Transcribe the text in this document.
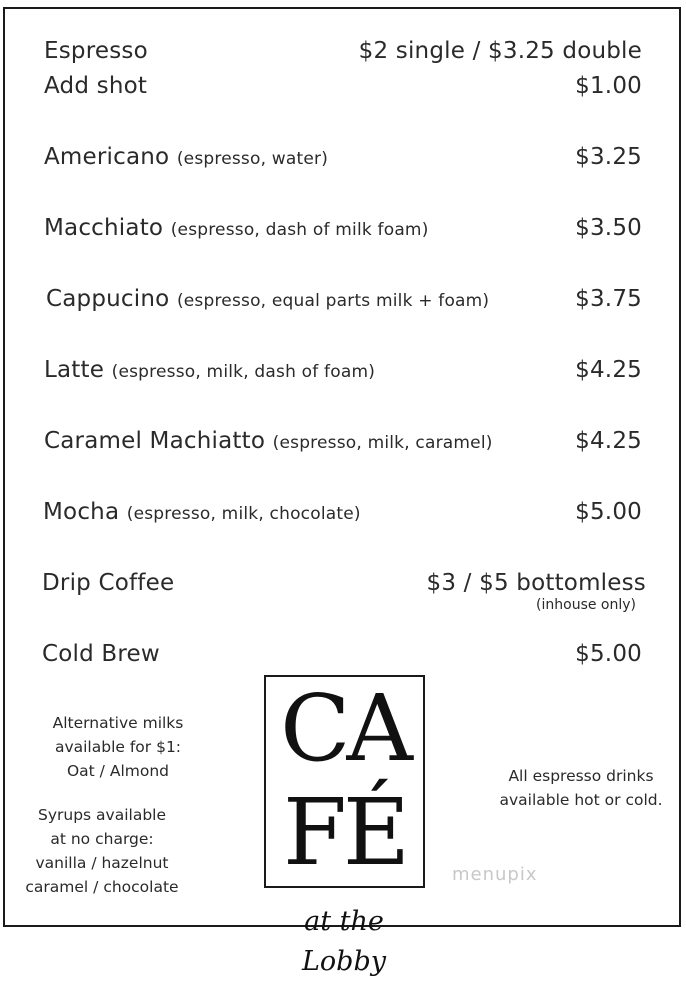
Espresso	$2 single / $3.25 double
Add shot	$1.00
Americano (espresso, water)	$3.25
Macchiato (espresso, dash of milk foam)	$3.50
Cappucino (espresso, equal parts milk + foam)	$3.75
Latte (espresso, milk, dash of foam)	$4.25
Caramel Machiatto (espresso, milk, caramel)	$4.25
Mocha (espresso, milk, chocolate)	$5.00
Drip Coffee	$3 / $5 bottomless
(inhouse only)
Cold Brew	$5.00
Alternative milks
available for $1:
Oat / Almond
Syrups available
at no charge:
vanilla / hazelnut
caramel / chocolate
All espresso drinks
available hot or cold.
CA
FÉ
at the Lobby
menupix
